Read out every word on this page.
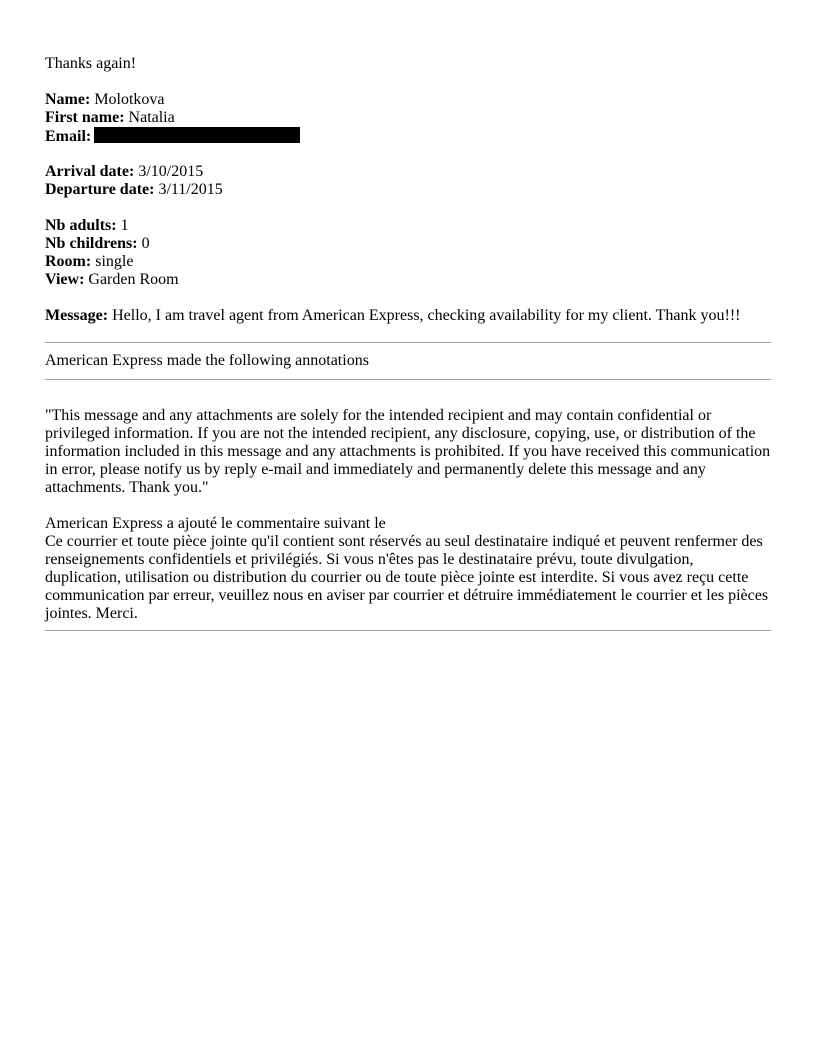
Thanks again!
Name: Molotkova
First name: Natalia
Email:
Arrival date: 3/10/2015
Departure date: 3/11/2015
Nb adults: 1
Nb childrens: 0
Room: single
View: Garden Room
Message: Hello, I am travel agent from American Express, checking availability for my client. Thank you!!!
American Express made the following annotations
"This message and any attachments are solely for the intended recipient and may contain confidential or privileged information. If you are not the intended recipient, any disclosure, copying, use, or distribution of the information included in this message and any attachments is prohibited. If you have received this communication in error, please notify us by reply e-mail and immediately and permanently delete this message and any attachments. Thank you."
American Express a ajouté le commentaire suivant le
Ce courrier et toute pièce jointe qu'il contient sont réservés au seul destinataire indiqué et peuvent renfermer des renseignements confidentiels et privilégiés. Si vous n'êtes pas le destinataire prévu, toute divulgation, duplication, utilisation ou distribution du courrier ou de toute pièce jointe est interdite. Si vous avez reçu cette communication par erreur, veuillez nous en aviser par courrier et détruire immédiatement le courrier et les pièces jointes. Merci.
